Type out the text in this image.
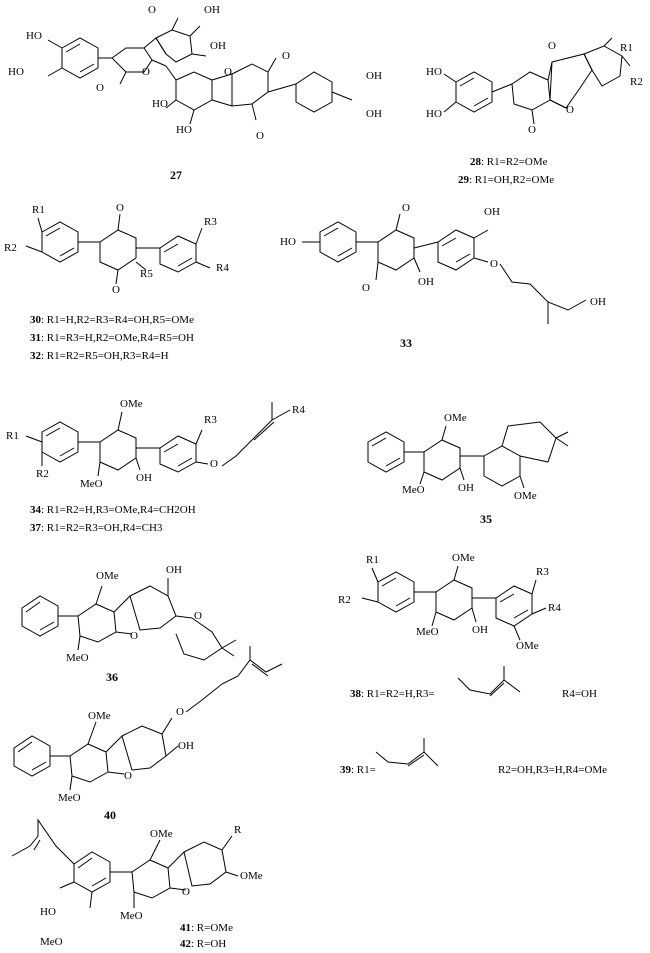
HO
HO
O	OH
OH
O
O	O
O
OH
OH
HO
HO	O
27
HO
HO
O
O
O
R1
R2
28: R1=R2=OMe
29: R1=OH,R2=OMe
R1
R2
O
O
R5
R3
R4
30: R1=H,R2=R3=R4=OH,R5=OMe
31: R1=R3=H,R2=OMe,R4=R5=OH
32: R1=R2=R5=OH,R3=R4=H
HO
O
O	OH
OH
O
OH
33
R1
R2
OMe
MeO	OH
R3
O
R4
34: R1=R2=H,R3=OMe,R4=CH2OH
37: R1=R2=R3=OH,R4=CH3
OMe
MeO	OH
OMe
35
OMe	OH
MeO
O
O
36
R1
R2
OMe
MeO	OH
R3
R4
OMe
38: R1=R2=H,R3=	R4=OH
39: R1=	R2=OH,R3=H,R4=OMe
OMe
MeO
O
O
OH
40
HO
MeO
OMe
MeO
O
R
OMe
41: R=OMe
42: R=OH
